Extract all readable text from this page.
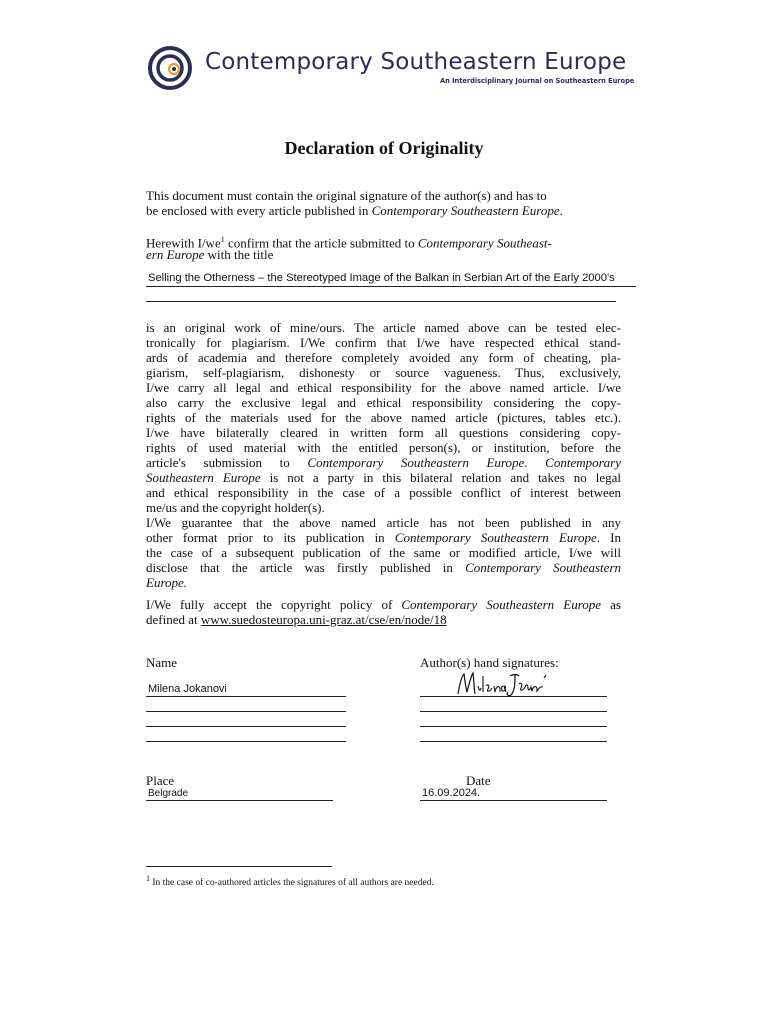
Contemporary Southeastern Europe
An Interdisciplinary Journal on Southeastern Europe
Declaration of Originality
This document must contain the original signature of the author(s) and has to
be enclosed with every article published in Contemporary Southeastern Europe.
Herewith $I/we^1$ confirm that the article submitted to Contemporary Southeast-
ern Europe with the title
Selling the Otherness – the Stereotyped Image of the Balkan in Serbian Art of the Early 2000's
is an original work of mine/ours. The article named above can be tested elec-
tronically for plagiarism. I/We confirm that I/we have respected ethical stand-
ards of academia and therefore completely avoided any form of cheating, pla-
giarism, self-plagiarism, dishonesty or source vagueness. Thus, exclusively,
I/we carry all legal and ethical responsibility for the above named article. I/we
also carry the exclusive legal and ethical responsibility considering the copy-
rights of the materials used for the above named article (pictures, tables etc.).
I/we have bilaterally cleared in written form all questions considering copy-
rights of used material with the entitled person(s), or institution, before the
article's submission to Contemporary Southeastern Europe. Contemporary
Southeastern Europe is not a party in this bilateral relation and takes no legal
and ethical responsibility in the case of a possible conflict of interest between
me/us and the copyright holder(s).
I/We guarantee that the above named article has not been published in any
other format prior to its publication in Contemporary Southeastern Europe. In
the case of a subsequent publication of the same or modified article, I/we will
disclose that the article was firstly published in Contemporary Southeastern
Europe.
I/We fully accept the copyright policy of Contemporary Southeastern Europe as
defined at www.suedosteuropa.uni-graz.at/cse/en/node/18
Name	Author(s) hand signatures:
Milena Jokanovi
Place	Date
Belgrade	16.09.2024.
$^1$ In the case of co-authored articles the signatures of all authors are needed.
